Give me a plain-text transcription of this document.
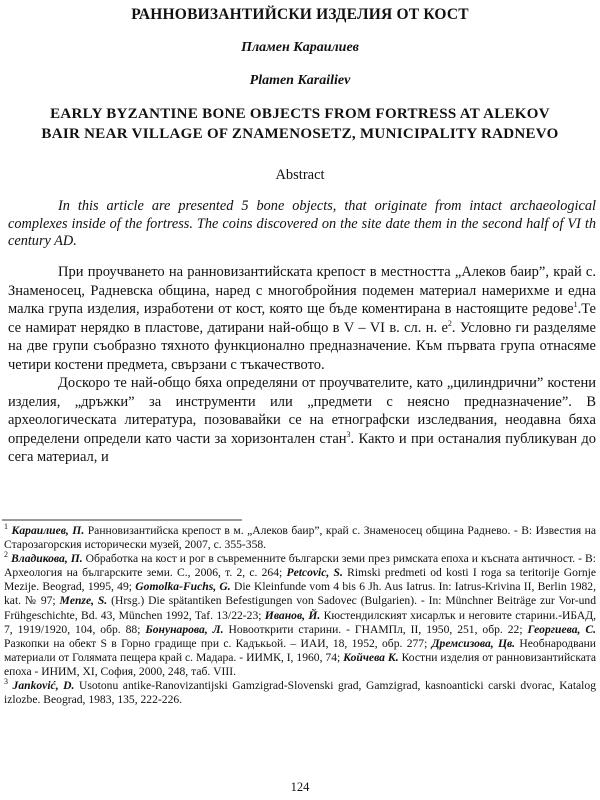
РАННОВИЗАНТИЙСКИ ИЗДЕЛИЯ ОТ КОСТ
Пламен Караилиев
Plamen Karailiev
EARLY BYZANTINE BONE OBJECTS FROM FORTRESS AT ALEKOV
BAIR NEAR VILLAGE OF ZNAMENOSETZ, MUNICIPALITY RADNEVO
Abstract
In this article are presented 5 bone objects, that originate from intact archaeological complexes inside of the fortress. The coins discovered on the site date them in the second half of VI th century AD.

При проучването на ранновизантийската крепост в местността „Алеков баир”, край с. Знаменосец, Радневска община, наред с многобройния подемен материал намерихме и една малка група изделия, изработени от кост, която ще бъде коментирана в настоящите редове$^1$.Те се намират нерядко в пластове, датирани най-общо в V – VI в. сл. н. $е^2$. Условно ги разделяме на две групи съобразно тяхното функционално предназначение. Към първата група отнасяме четири костени предмета, свързани с тъкачеството.

Доскоро те най-общо бяха определяни от проучвателите, като „цилиндрични” костени изделия, „дръжки” за инструменти или „предмети с неясно предназначение”. В археологическата литература, позовавайки се на етнографски изследвания, неодавна бяха определени определи като части за хоризонтален стан$^3$. Както и при останалия публикуван до сега материал, и

$^1$ Караилиев, П. Ранновизантийска крепост в м. „Алеков баир”, край с. Знаменосец община Раднево. - В: Известия на Старозагорския исторически музей, 2007, с. 355-358.

$^2$ Владикова, П. Обработка на кост и рог в съвременните български земи през римската епоха и късната античност. - В: Археология на българските земи. С., 2006, т. 2, с. 264; Petcovic, S. Rimski predmeti od kosti I roga sa teritorije Gornje Mezije. Beograd, 1995, 49; Gomolka-Fuchs, G. Die Kleinfunde vom 4 bis 6 Jh. Aus Iatrus. In: Iatrus-Krivina II, Berlin 1982, kat. № 97; Menze, S. (Hrsg.) Die spätantiken Befestigungen von Sadovec (Bulgarien). - In: Münchner Beiträge zur Vor-und Frühgeschichte, Bd. 43, München 1992, Taf. 13/22-23; Иванов, Й. Кюстендилският хисарлък и неговите старини.-ИБАД, 7, 1919/1920, 104, обр. 88; Бонунарова, Л. Новооткрити старини. - ГНАМПл, II, 1950, 251, обр. 22; Георгиева, С. Разкопки на обект S в Горно градище при с. Кадъкьой. – ИАИ, 18, 1952, обр. 277; Дремсизова, Цв. Необнародвани материали от Голямата пещера край с. Мадара. - ИИМК, I, 1960, 74; Койчева К. Костни изделия от ранновизантийската епоха - ИНИМ, XI, София, 2000, 248, таб. VIII.

$^3$ Janković, D. Usotonu antike-Ranovizantijski Gamzigrad-Slovenski grad, Gamzigrad, kasnoanticki carski dvorac, Katalog izlozbe. Beograd, 1983, 135, 222-226.

124
